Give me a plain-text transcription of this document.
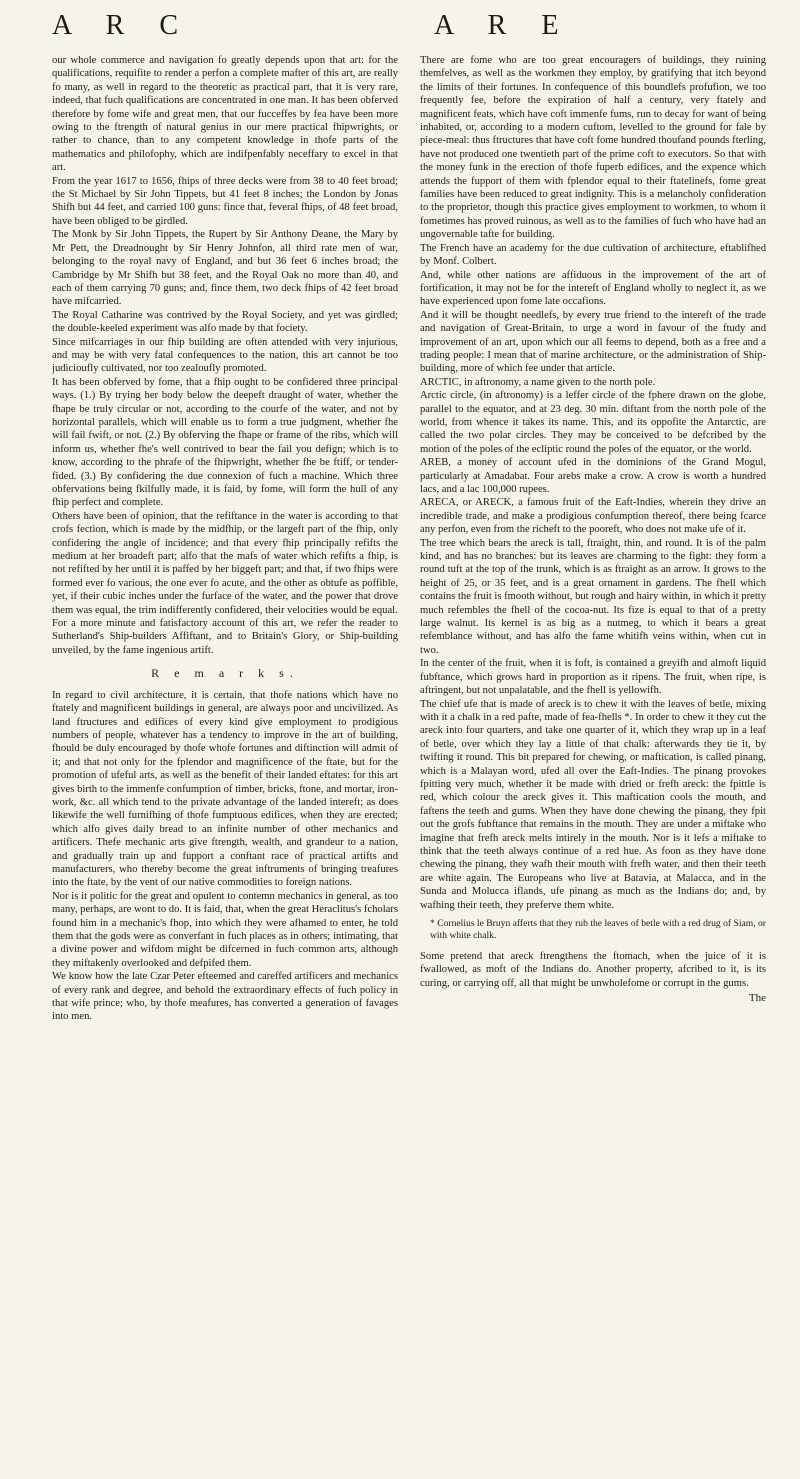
A R C	A R E

our whole commerce and navigation fo greatly depends upon that art: for the qualifications, requifite to render a perfon a complete mafter of this art, are really fo many, as well in regard to the theoretic as practical part, that it is very rare, indeed, that fuch qualifications are concentrated in one man. It has been obferved therefore by fome wife and great men, that our fucceffes by fea have been more owing to the ftrength of natural genius in our mere practical fhipwrights, or rather to chance, than to any competent knowledge in thofe parts of the mathematics and philofophy, which are indifpenfably neceffary to excel in that art.

From the year 1617 to 1656, fhips of three decks were from 38 to 40 feet broad; the St Michael by Sir John Tippets, but 41 feet 8 inches; the London by Jonas Shifh but 44 feet, and carried 100 guns: fince that, feveral fhips, of 48 feet broad, have been obliged to be girdled.

The Monk by Sir John Tippets, the Rupert by Sir Anthony Deane, the Mary by Mr Pett, the Dreadnought by Sir Henry Johnfon, all third rate men of war, belonging to the royal navy of England, and but 36 feet 6 inches broad; the Cambridge by Mr Shifh but 38 feet, and the Royal Oak no more than 40, and each of them carrying 70 guns; and, fince them, two deck fhips of 42 feet broad have mifcarried.

The Royal Catharine was contrived by the Royal Society, and yet was girdled; the double-keeled experiment was alfo made by that fociety.

Since mifcarriages in our fhip building are often attended with very injurious, and may be with very fatal confequences to the nation, this art cannot be too judicioufly cultivated, nor too zealoufly promoted.

It has been obferved by fome, that a fhip ought to be confidered three principal ways. (1.) By trying her body below the deepeft draught of water, whether the fhape be truly circular or not, according to the courfe of the water, and not by horizontal parallels, which will enable us to form a true judgment, whether fhe will fail fwift, or not. (2.) By obferving the fhape or frame of the ribs, which will inform us, whether fhe's well contrived to bear the fail you defign; which is to know, according to the phrafe of the fhipwright, whether fhe be ftiff, or tender-fided. (3.) By confidering the due connexion of fuch a machine. Which three obfervations being fkilfully made, it is faid, by fome, will form the hull of any fhip perfect and complete.

Others have been of opinion, that the refiftance in the water is according to that crofs fection, which is made by the midfhip, or the largeft part of the fhip, only confidering the angle of incidence; and that every fhip principally refifts the medium at her broadeft part; alfo that the mafs of water which refifts a fhip, is not refifted by her until it is paffed by her biggeft part; and that, if two fhips were formed ever fo various, the one ever fo acute, and the other as obtufe as poffible, yet, if their cubic inches under the furface of the water, and the power that drove them was equal, the trim indifferently confidered, their velocities would be equal.

For a more minute and fatisfactory account of this art, we refer the reader to Sutherland's Ship-builders Affiftant, and to Britain's Glory, or Ship-building unveiled, by the fame ingenious artift.

R e m a r k s.

In regard to civil architecture, it is certain, that thofe nations which have no ftately and magnificent buildings in general, are always poor and uncivilized. As land ftructures and edifices of every kind give employment to prodigious numbers of people, whatever has a tendency to improve in the art of building, fhould be duly encouraged by thofe whofe fortunes and diftinction will admit of it; and that not only for the fplendor and magnificence of the ftate, but for the promotion of ufeful arts, as well as the benefit of their landed eftates: for this art gives birth to the immenfe confumption of timber, bricks, ftone, and mortar, iron-work, &c. all which tend to the private advantage of the landed intereft; as does likewife the well furnifhing of thofe fumptuous edifices, when they are erected; which alfo gives daily bread to an infinite number of other mechanics and artificers. Thefe mechanic arts give ftrength, wealth, and grandeur to a nation, and gradually train up and fupport a conftant race of practical artifts and manufacturers, who thereby become the great inftruments of bringing treafures into the ftate, by the vent of our native commodities to foreign nations.

Nor is it politic for the great and opulent to contemn mechanics in general, as too many, perhaps, are wont to do. It is faid, that, when the great Heraclitus's fcholars found him in a mechanic's fhop, into which they were afhamed to enter, he told them that the gods were as converfant in fuch places as in others; intimating, that a divine power and wifdom might be difcerned in fuch common arts, although they miftakenly overlooked and defpifed them.

We know how the late Czar Peter efteemed and careffed artificers and mechanics of every rank and degree, and behold the extraordinary effects of fuch policy in that wife prince; who, by thofe meafures, has converted a generation of favages into men.

There are fome who are too great encouragers of buildings, they ruining themfelves, as well as the workmen they employ, by gratifying that itch beyond the limits of their fortunes. In confequence of this boundlefs profufion, we too frequently fee, before the expiration of half a century, very ftately and magnificent feats, which have coft immenfe fums, run to decay for want of being inhabited, or, according to a modern cuftom, levelled to the ground for fale by piece-meal: thus ftructures that have coft fome hundred thoufand pounds fterling, have not produced one twentieth part of the prime coft to executors. So that with the money funk in the erection of thofe fuperb edifices, and the expence which attends the fupport of them with fplendor equal to their ftatelinefs, fome great families have been reduced to great indignity. This is a melancholy confideration to the proprietor, though this practice gives employment to workmen, to whom it fometimes has proved ruinous, as well as to the families of fuch who have had an ungovernable tafte for building.

The French have an academy for the due cultivation of architecture, eftablifhed by Monf. Colbert.

And, while other nations are affiduous in the improvement of the art of fortification, it may not be for the intereft of England wholly to neglect it, as we have experienced upon fome late occafions.

And it will be thought needlefs, by every true friend to the intereft of the trade and navigation of Great-Britain, to urge a word in favour of the ftudy and improvement of an art, upon which our all feems to depend, both as a free and a trading people: I mean that of marine architecture, or the administration of Ship-building, more of which fee under that article.

ARCTIC, in aftronomy, a name given to the north pole.

Arctic circle, (in aftronomy) is a leffer circle of the fphere drawn on the globe, parallel to the equator, and at 23 deg. 30 min. diftant from the north pole of the world, from whence it takes its name. This, and its oppofite the Antarctic, are called the two polar circles. They may be conceived to be defcribed by the motion of the poles of the ecliptic round the poles of the equator, or the world.

AREB, a money of account ufed in the dominions of the Grand Mogul, particularly at Amadabat. Four arebs make a crow. A crow is worth a hundred lacs, and a lac 100,000 rupees.

ARECA, or ARECK, a famous fruit of the Eaft-Indies, wherein they drive an incredible trade, and make a prodigious confumption thereof, there being fcarce any perfon, even from the richeft to the pooreft, who does not make ufe of it.

The tree which bears the areck is tall, ftraight, thin, and round. It is of the palm kind, and has no branches: but its leaves are charming to the fight: they form a round tuft at the top of the trunk, which is as ftraight as an arrow. It grows to the height of 25, or 35 feet, and is a great ornament in gardens. The fhell which contains the fruit is fmooth without, but rough and hairy within, in which it pretty much refembles the fhell of the cocoa-nut. Its fize is equal to that of a pretty large walnut. Its kernel is as big as a nutmeg, to which it bears a great refemblance without, and has alfo the fame whitifh veins within, when cut in two.

In the center of the fruit, when it is foft, is contained a greyifh and almoft liquid fubftance, which grows hard in proportion as it ripens. The fruit, when ripe, is aftringent, but not unpalatable, and the fhell is yellowifh.

The chief ufe that is made of areck is to chew it with the leaves of betle, mixing with it a chalk in a red pafte, made of fea-fhells *. In order to chew it they cut the areck into four quarters, and take one quarter of it, which they wrap up in a leaf of betle, over which they lay a little of that chalk: afterwards they tie it, by twifting it round. This bit prepared for chewing, or maftication, is called pinang, which is a Malayan word, ufed all over the Eaft-Indies. The pinang provokes fpitting very much, whether it be made with dried or frefh areck: the fpittle is red, which colour the areck gives it. This maftication cools the mouth, and faftens the teeth and gums. When they have done chewing the pinang, they fpit out the grofs fubftance that remains in the mouth. They are under a miftake who imagine that frefh areck melts intirely in the mouth. Nor is it lefs a miftake to think that the teeth always continue of a red hue. As foon as they have done chewing the pinang, they wafh their mouth with frefh water, and then their teeth are white again. The Europeans who live at Batavia, at Malacca, and in the Sunda and Molucca iflands, ufe pinang as much as the Indians do; and, by wafhing their teeth, they preferve them white.

* Cornelius le Bruyn afferts that they rub the leaves of betle with a red drug of Siam, or with white chalk.

Some pretend that areck ftrengthens the ftomach, when the juice of it is fwallowed, as moft of the Indians do. Another property, afcribed to it, is its curing, or carrying off, all that might be unwholefome or corrupt in the gums.

The
